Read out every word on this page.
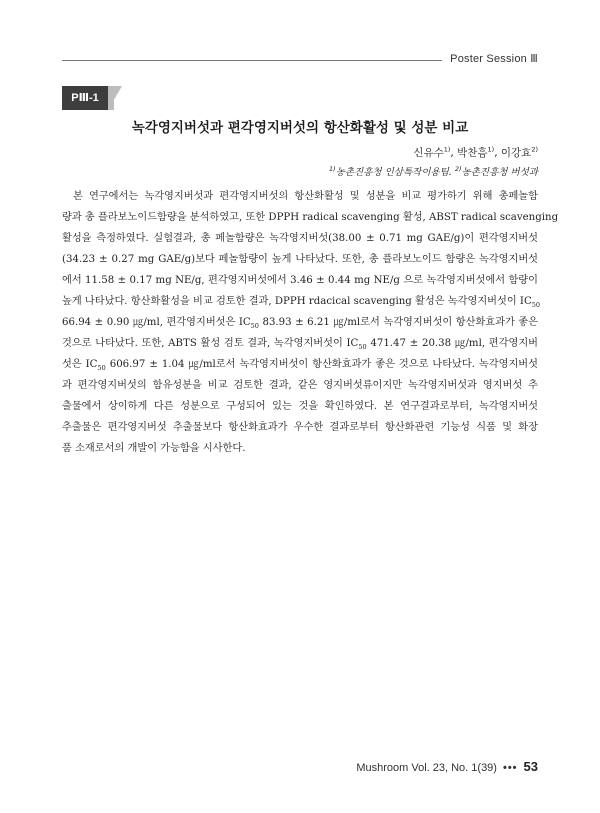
Poster Session Ⅲ
PⅢ-1
녹각영지버섯과 편각영지버섯의 항산화활성 및 성분 비교
신유수$^{1)}$, 박찬흠$^{1)}$, 이강효$^{2)}$
$^{1)}$농촌진흥청 인삼특작이용팀. $^{2)}$농촌진흥청 버섯과
본 연구에서는 녹각영지버섯과 편각영지버섯의 항산화활성 및 성분을 비교 평가하기 위해 총페놀함
량과 총 플라보노이드함량을 분석하였고, 또한 DPPH radical scavenging 활성, ABST radical scavenging
활성을 측정하였다. 실험결과, 총 페놀함량은 녹각영지버섯(38.00 ± 0.71 mg GAE/g)이 편각영지버섯
(34.23 ± 0.27 mg GAE/g)보다 페놀함량이 높게 나타났다. 또한, 총 플라보노이드 함량은 녹각영지버섯
에서 11.58 ± 0.17 mg NE/g, 편각영지버섯에서 3.46 ± 0.44 mg NE/g 으로 녹각영지버섯에서 함량이
높게 나타났다. 항산화활성을 비교 검토한 결과, DPPH rdacical scavenging 활성은 녹각영지버섯이 $IC_{50}$
66.94 ± 0.90 ㎍/ml, 편각영지버섯은 $IC_{50}$ 83.93 ± 6.21 ㎍/ml로서 녹각영지버섯이 항산화효과가 좋은
것으로 나타났다. 또한, ABTS 활성 검토 결과, 녹각영지버섯이 $IC_{50}$ 471.47 ± 20.38 ㎍/ml, 편각영지버
섯은 $IC_{50}$ 606.97 ± 1.04 ㎍/ml로서 녹각영지버섯이 항산화효과가 좋은 것으로 나타났다. 녹각영지버섯
과 편각영지버섯의 함유성분을 비교 검토한 결과, 같은 영지버섯류이지만 녹각영지버섯과 영지버섯 추
출물에서 상이하게 다른 성분으로 구성되어 있는 것을 확인하였다. 본 연구결과로부터, 녹각영지버섯
추출물은 편각영지버섯 추출물보다 항산화효과가 우수한 결과로부터 항산화관련 기능성 식품 및 화장
품 소재로서의 개발이 가능함을 시사한다.
Mushroom Vol. 23, No. 1(39) ••• 53
